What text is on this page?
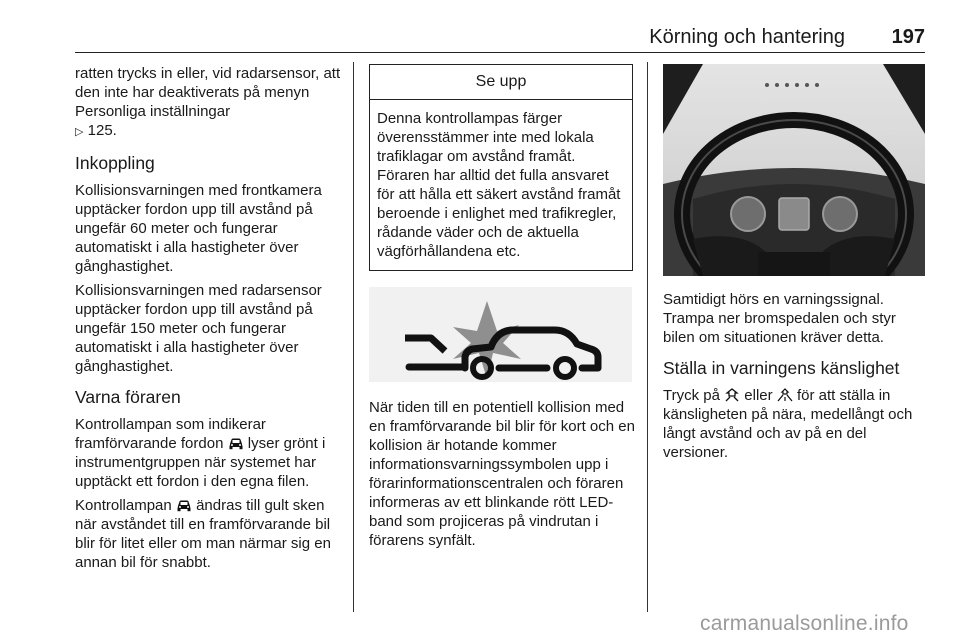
Körning och hantering 197

ratten trycks in eller, vid radarsensor, att den inte har deaktiverats på menyn Personliga inställningar
▷ 125.

Inkoppling

Kollisionsvarningen med frontkamera upptäcker fordon upp till avstånd på ungefär 60 meter och fungerar automatiskt i alla hastigheter över gånghastighet.

Kollisionsvarningen med radarsensor upptäcker fordon upp till avstånd på ungefär 150 meter och fungerar automatiskt i alla hastigheter över gånghastighet.

Varna föraren

Kontrollampan som indikerar framförvarande fordon lyser grönt i instrumentgruppen när systemet har upptäckt ett fordon i den egna filen.

Kontrollampan ändras till gult sken när avståndet till en framförvarande bil blir för litet eller om man närmar sig en annan bil för snabbt.

Se upp
Denna kontrollampas färger överensstämmer inte med lokala trafiklagar om avstånd framåt. Föraren har alltid det fulla ansvaret för att hålla ett säkert avstånd framåt beroende i enlighet med trafikregler, rådande väder och de aktuella vägförhållandena etc.

När tiden till en potentiell kollision med en framförvarande bil blir för kort och en kollision är hotande kommer informationsvarningssymbolen upp i förarinformationscentralen och föraren informeras av ett blinkande rött LED-band som projiceras på vindrutan i förarens synfält.

Samtidigt hörs en varningssignal. Trampa ner bromspedalen och styr bilen om situationen kräver detta.

Ställa in varningens känslighet

Tryck på eller för att ställa in känsligheten på nära, medellångt och långt avstånd och av på en del versioner.

carmanualsonline.info
